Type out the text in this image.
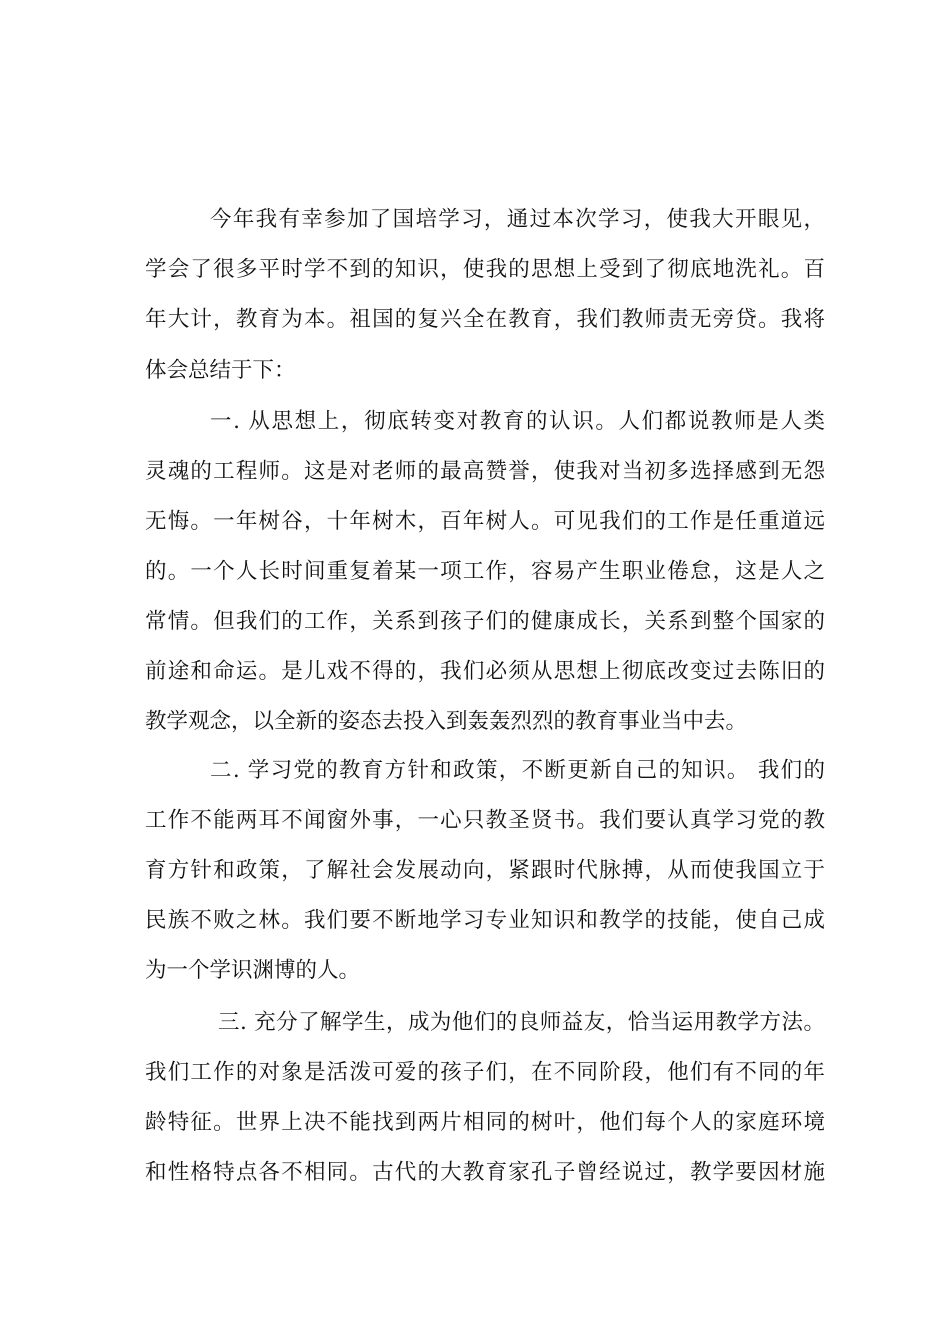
今年我有幸参加了国培学习，通过本次学习，使我大开眼见，
学会了很多平时学不到的知识，使我的思想上受到了彻底地洗礼。百
年大计，教育为本。祖国的复兴全在教育，我们教师责无旁贷。我将
体会总结于下：
一. 从思想上，彻底转变对教育的认识。人们都说教师是人类
灵魂的工程师。这是对老师的最高赞誉，使我对当初多选择感到无怨
无悔。一年树谷，十年树木，百年树人。可见我们的工作是任重道远
的。一个人长时间重复着某一项工作，容易产生职业倦怠，这是人之
常情。但我们的工作，关系到孩子们的健康成长，关系到整个国家的
前途和命运。是儿戏不得的，我们必须从思想上彻底改变过去陈旧的
教学观念，以全新的姿态去投入到轰轰烈烈的教育事业当中去。
二. 学习党的教育方针和政策，不断更新自己的知识。 我们的
工作不能两耳不闻窗外事，一心只教圣贤书。我们要认真学习党的教
育方针和政策，了解社会发展动向，紧跟时代脉搏，从而使我国立于
民族不败之林。我们要不断地学习专业知识和教学的技能，使自己成
为一个学识渊博的人。
三. 充分了解学生，成为他们的良师益友，恰当运用教学方法。
我们工作的对象是活泼可爱的孩子们，在不同阶段，他们有不同的年
龄特征。世界上决不能找到两片相同的树叶，他们每个人的家庭环境
和性格特点各不相同。古代的大教育家孔子曾经说过，教学要因材施
